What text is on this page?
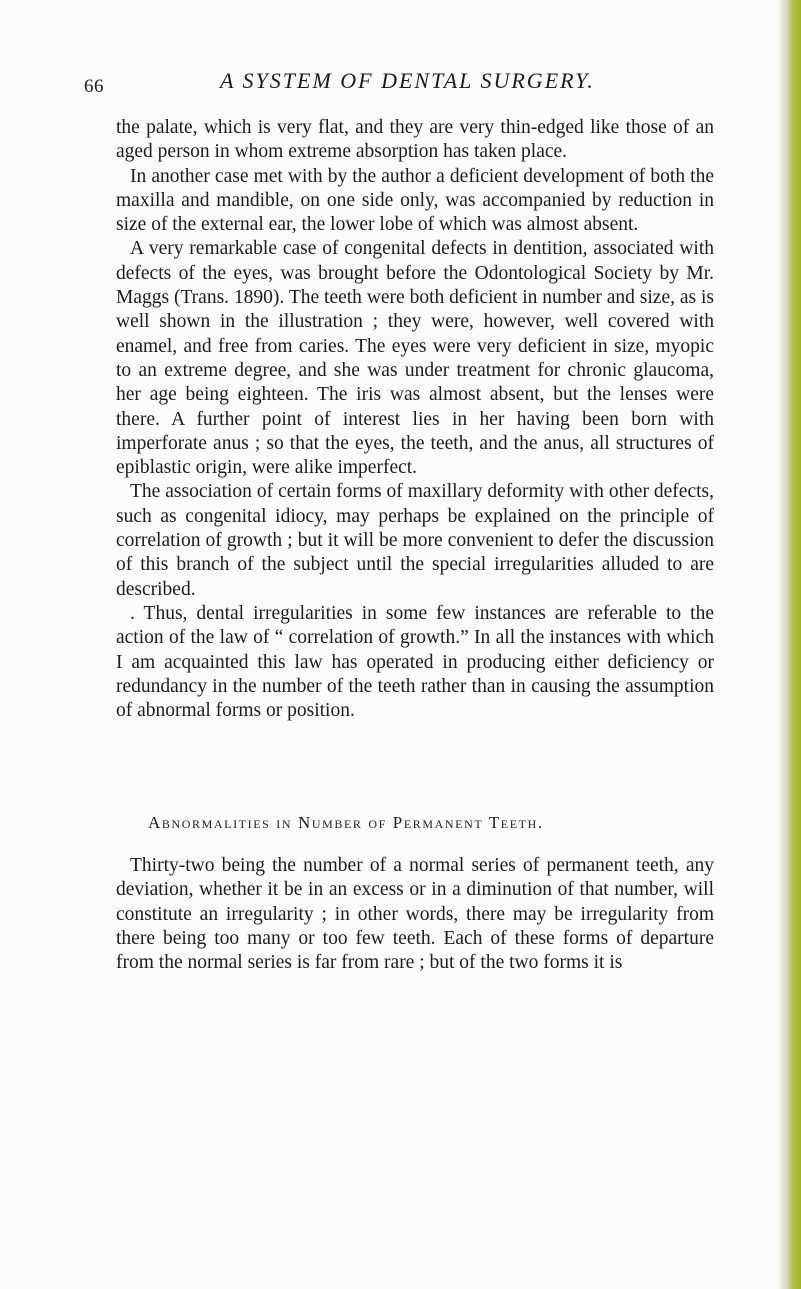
66	A SYSTEM OF DENTAL SURGERY.

the palate, which is very flat, and they are very thin-edged like those of an aged person in whom extreme absorption has taken place.

In another case met with by the author a deficient development of both the maxilla and mandible, on one side only, was accompanied by reduction in size of the external ear, the lower lobe of which was almost absent.

A very remarkable case of congenital defects in dentition, associated with defects of the eyes, was brought before the Odontological Society by Mr. Maggs (Trans. 1890). The teeth were both deficient in number and size, as is well shown in the illustration ; they were, however, well covered with enamel, and free from caries. The eyes were very deficient in size, myopic to an extreme degree, and she was under treatment for chronic glaucoma, her age being eighteen. The iris was almost absent, but the lenses were there. A further point of interest lies in her having been born with imperforate anus ; so that the eyes, the teeth, and the anus, all structures of epiblastic origin, were alike imperfect.

The association of certain forms of maxillary deformity with other defects, such as congenital idiocy, may perhaps be explained on the principle of correlation of growth ; but it will be more convenient to defer the discussion of this branch of the subject until the special irregularities alluded to are described.

. Thus, dental irregularities in some few instances are referable to the action of the law of “ correlation of growth.” In all the instances with which I am acquainted this law has operated in producing either deficiency or redundancy in the number of the teeth rather than in causing the assumption of abnormal forms or position.

Abnormalities in Number of Permanent Teeth.

Thirty-two being the number of a normal series of permanent teeth, any deviation, whether it be in an excess or in a diminution of that number, will constitute an irregularity ; in other words, there may be irregularity from there being too many or too few teeth. Each of these forms of departure from the normal series is far from rare ; but of the two forms it is
